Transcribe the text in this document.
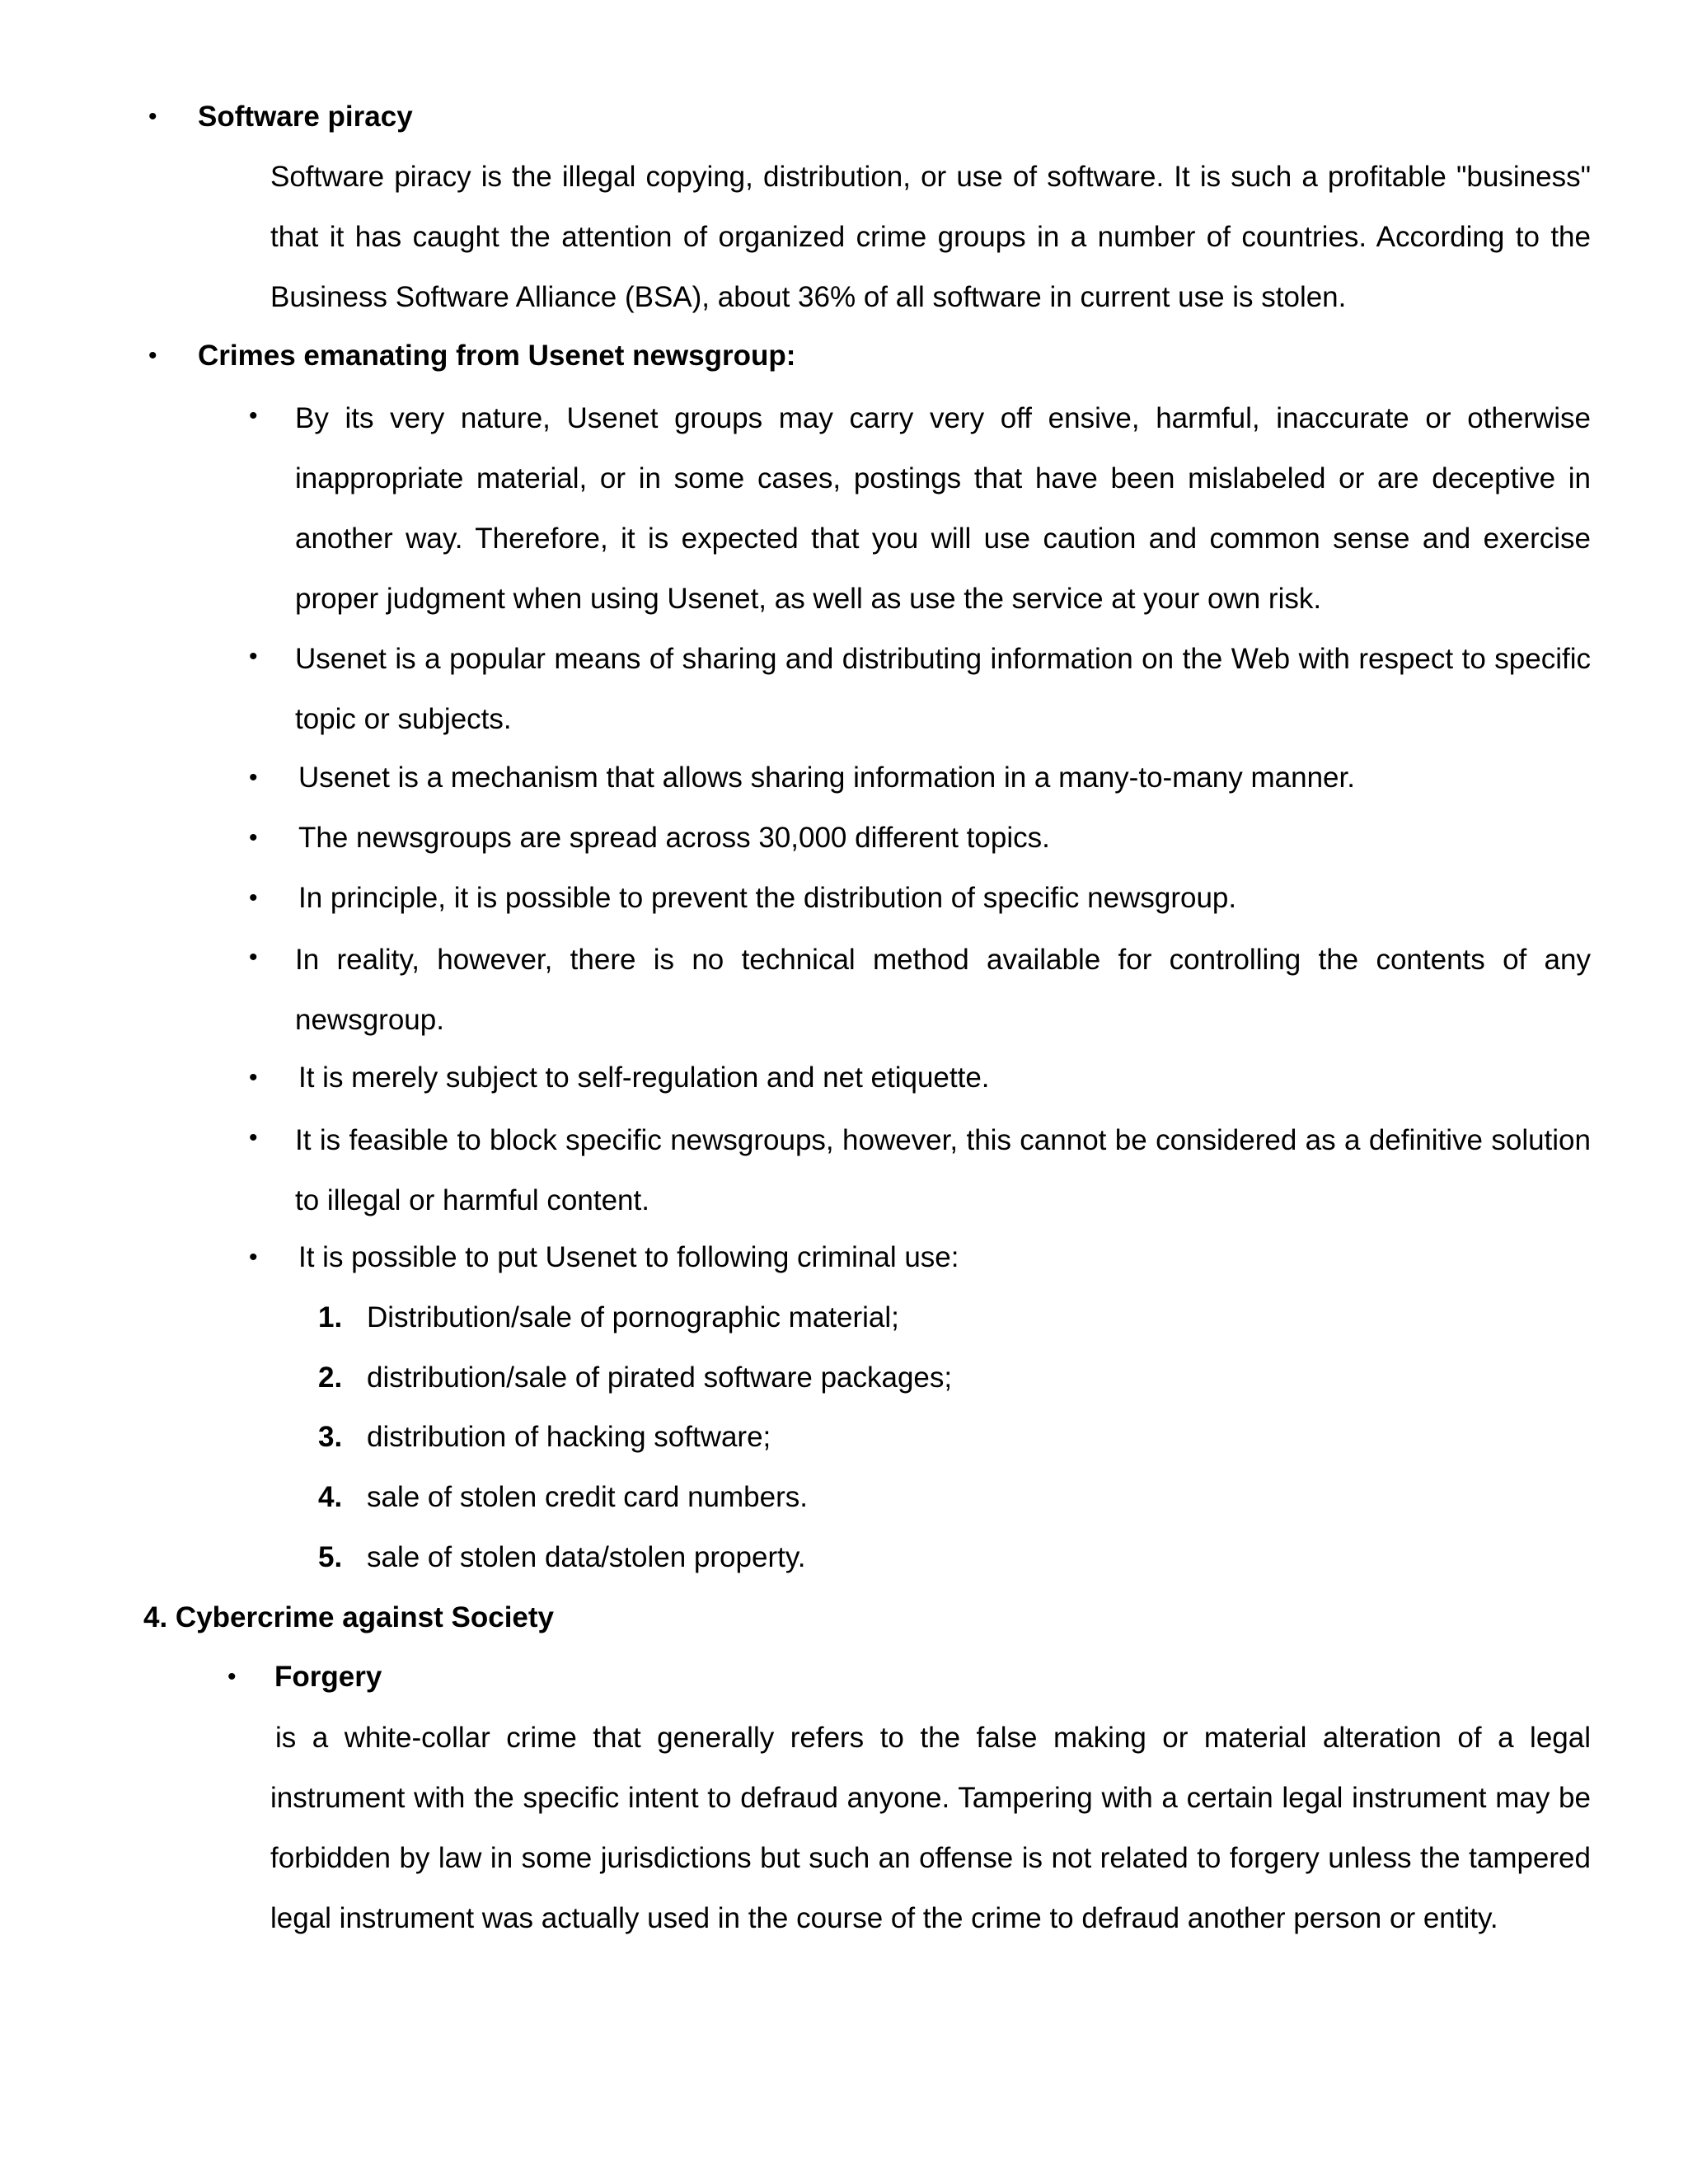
• Software piracy
Software piracy is the illegal copying, distribution, or use of software. It is such a profitable "business" that it has caught the attention of organized crime groups in a number of countries. According to the Business Software Alliance (BSA), about 36% of all software in current use is stolen.
• Crimes emanating from Usenet newsgroup:
• By its very nature, Usenet groups may carry very off ensive, harmful, inaccurate or otherwise inappropriate material, or in some cases, postings that have been mislabeled or are deceptive in another way. Therefore, it is expected that you will use caution and common sense and exercise proper judgment when using Usenet, as well as use the service at your own risk.
• Usenet is a popular means of sharing and distributing information on the Web with respect to specific topic or subjects.
• Usenet is a mechanism that allows sharing information in a many-to-many manner.
• The newsgroups are spread across 30,000 different topics.
• In principle, it is possible to prevent the distribution of specific newsgroup.
• In reality, however, there is no technical method available for controlling the contents of any newsgroup.
• It is merely subject to self-regulation and net etiquette.
• It is feasible to block specific newsgroups, however, this cannot be considered as a definitive solution to illegal or harmful content.
• It is possible to put Usenet to following criminal use:
1. Distribution/sale of pornographic material;
2. distribution/sale of pirated software packages;
3. distribution of hacking software;
4. sale of stolen credit card numbers.
5. sale of stolen data/stolen property.
4. Cybercrime against Society
• Forgery
is a white-collar crime that generally refers to the false making or material alteration of a legal instrument with the specific intent to defraud anyone. Tampering with a certain legal instrument may be forbidden by law in some jurisdictions but such an offense is not related to forgery unless the tampered legal instrument was actually used in the course of the crime to defraud another person or entity.
